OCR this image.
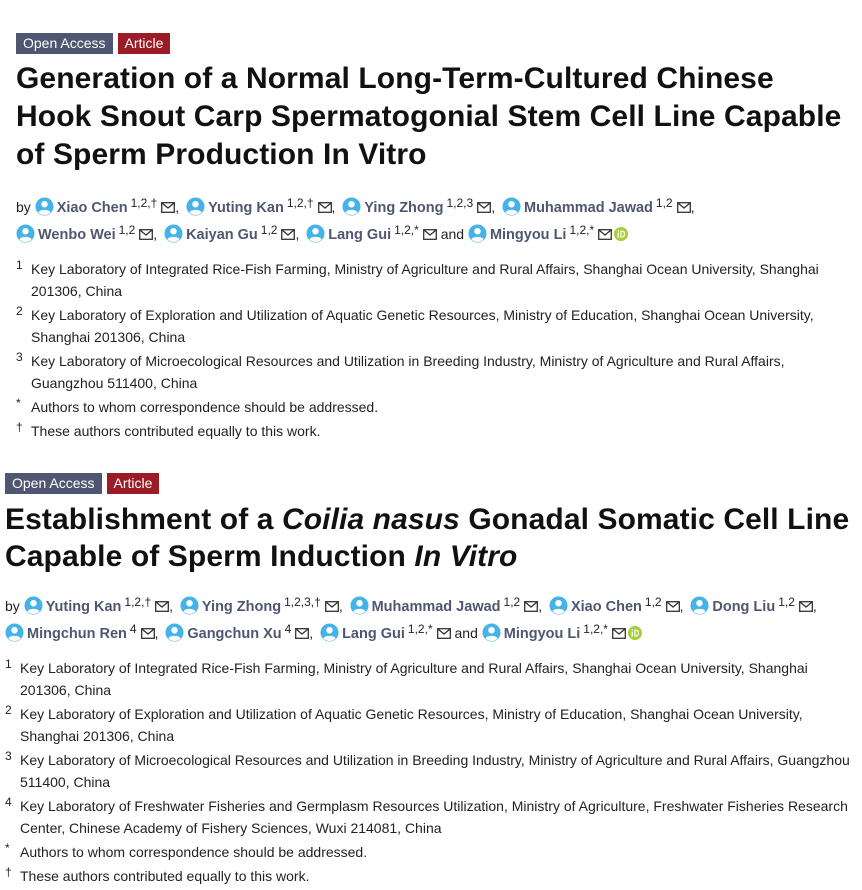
Open Access	Article
Generation of a Normal Long-Term-Cultured Chinese Hook Snout Carp Spermatogonial Stem Cell Line Capable of Sperm Production In Vitro
by Xiao Chen 1,2,† , Yuting Kan 1,2,† , Ying Zhong 1,2,3 , Muhammad Jawad 1,2 ,
Wenbo Wei 1,2 , Kaiyan Gu 1,2 , Lang Gui 1,2,* and Mingyou Li 1,2,*
1 Key Laboratory of Integrated Rice-Fish Farming, Ministry of Agriculture and Rural Affairs, Shanghai Ocean University, Shanghai 201306, China
2 Key Laboratory of Exploration and Utilization of Aquatic Genetic Resources, Ministry of Education, Shanghai Ocean University, Shanghai 201306, China
3 Key Laboratory of Microecological Resources and Utilization in Breeding Industry, Ministry of Agriculture and Rural Affairs, Guangzhou 511400, China
* Authors to whom correspondence should be addressed.
† These authors contributed equally to this work.
Open Access	Article
Establishment of a Coilia nasus Gonadal Somatic Cell Line Capable of Sperm Induction In Vitro
by Yuting Kan 1,2,† , Ying Zhong 1,2,3,† , Muhammad Jawad 1,2 , Xiao Chen 1,2 , Dong Liu 1,2 ,
Mingchun Ren 4 , Gangchun Xu 4 , Lang Gui 1,2,* and Mingyou Li 1,2,*
1 Key Laboratory of Integrated Rice-Fish Farming, Ministry of Agriculture and Rural Affairs, Shanghai Ocean University, Shanghai 201306, China
2 Key Laboratory of Exploration and Utilization of Aquatic Genetic Resources, Ministry of Education, Shanghai Ocean University, Shanghai 201306, China
3 Key Laboratory of Microecological Resources and Utilization in Breeding Industry, Ministry of Agriculture and Rural Affairs, Guangzhou 511400, China
4 Key Laboratory of Freshwater Fisheries and Germplasm Resources Utilization, Ministry of Agriculture, Freshwater Fisheries Research Center, Chinese Academy of Fishery Sciences, Wuxi 214081, China
* Authors to whom correspondence should be addressed.
† These authors contributed equally to this work.
